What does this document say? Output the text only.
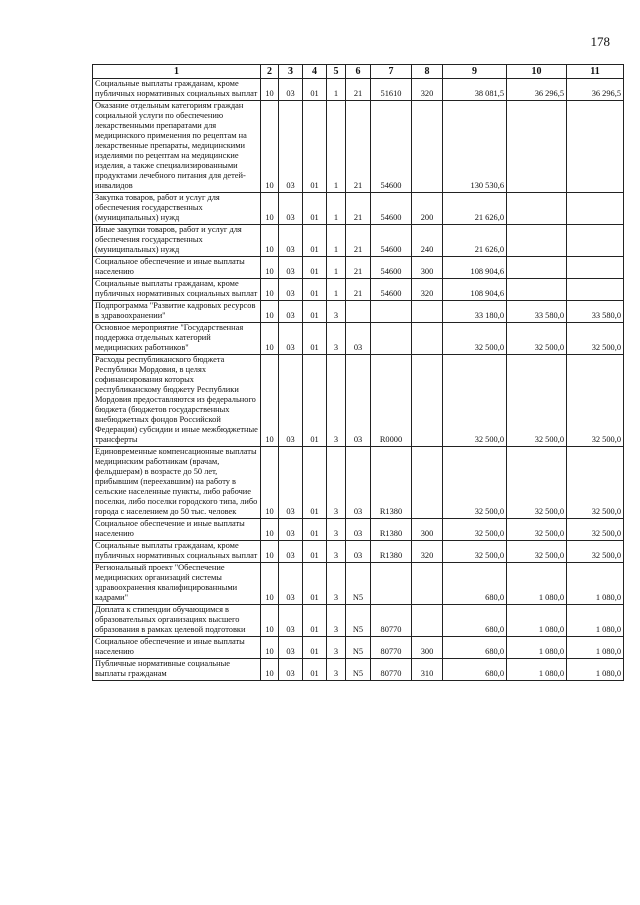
178
1	2	3	4	5	6	7	8	9	10	11
Социальные выплаты гражданам, кроме публичных нормативных социальных выплат	10	03	01	1	21	51610	320	38 081,5	36 296,5	36 296,5
Оказание отдельным категориям граждан социальной услуги по обеспечению лекарственными препаратами для медицинского применения по рецептам на лекарственные препараты, медицинскими изделиями по рецептам на медицинские изделия, а также специализированными продуктами лечебного питания для детей-инвалидов	10	03	01	1	21	54600		130 530,6		
Закупка товаров, работ и услуг для обеспечения государственных (муниципальных) нужд	10	03	01	1	21	54600	200	21 626,0		
Иные закупки товаров, работ и услуг для обеспечения государственных (муниципальных) нужд	10	03	01	1	21	54600	240	21 626,0		
Социальное обеспечение и иные выплаты населению	10	03	01	1	21	54600	300	108 904,6		
Социальные выплаты гражданам, кроме публичных нормативных социальных выплат	10	03	01	1	21	54600	320	108 904,6		
Подпрограмма "Развитие кадровых ресурсов в здравоохранении"	10	03	01	3				33 180,0	33 580,0	33 580,0
Основное мероприятие "Государственная поддержка отдельных категорий медицинских работников"	10	03	01	3	03			32 500,0	32 500,0	32 500,0
Расходы республиканского бюджета Республики Мордовия, в целях софинансирования которых республиканскому бюджету Республики Мордовия предоставляются из федерального бюджета (бюджетов государственных внебюджетных фондов Российской Федерации) субсидии и иные межбюджетные трансферты	10	03	01	3	03	R0000		32 500,0	32 500,0	32 500,0
Единовременные компенсационные выплаты медицинским работникам (врачам, фельдшерам) в возрасте до 50 лет, прибывшим (переехавшим) на работу в сельские населенные пункты, либо рабочие поселки, либо поселки городского типа, либо города с населением до 50 тыс. человек	10	03	01	3	03	R1380		32 500,0	32 500,0	32 500,0
Социальное обеспечение и иные выплаты населению	10	03	01	3	03	R1380	300	32 500,0	32 500,0	32 500,0
Социальные выплаты гражданам, кроме публичных нормативных социальных выплат	10	03	01	3	03	R1380	320	32 500,0	32 500,0	32 500,0
Региональный проект "Обеспечение медицинских организаций системы здравоохранения квалифицированными кадрами"	10	03	01	3	N5			680,0	1 080,0	1 080,0
Доплата к стипендии обучающимся в образовательных организациях высшего образования в рамках целевой подготовки	10	03	01	3	N5	80770		680,0	1 080,0	1 080,0
Социальное обеспечение и иные выплаты населению	10	03	01	3	N5	80770	300	680,0	1 080,0	1 080,0
Публичные нормативные социальные выплаты гражданам	10	03	01	3	N5	80770	310	680,0	1 080,0	1 080,0
